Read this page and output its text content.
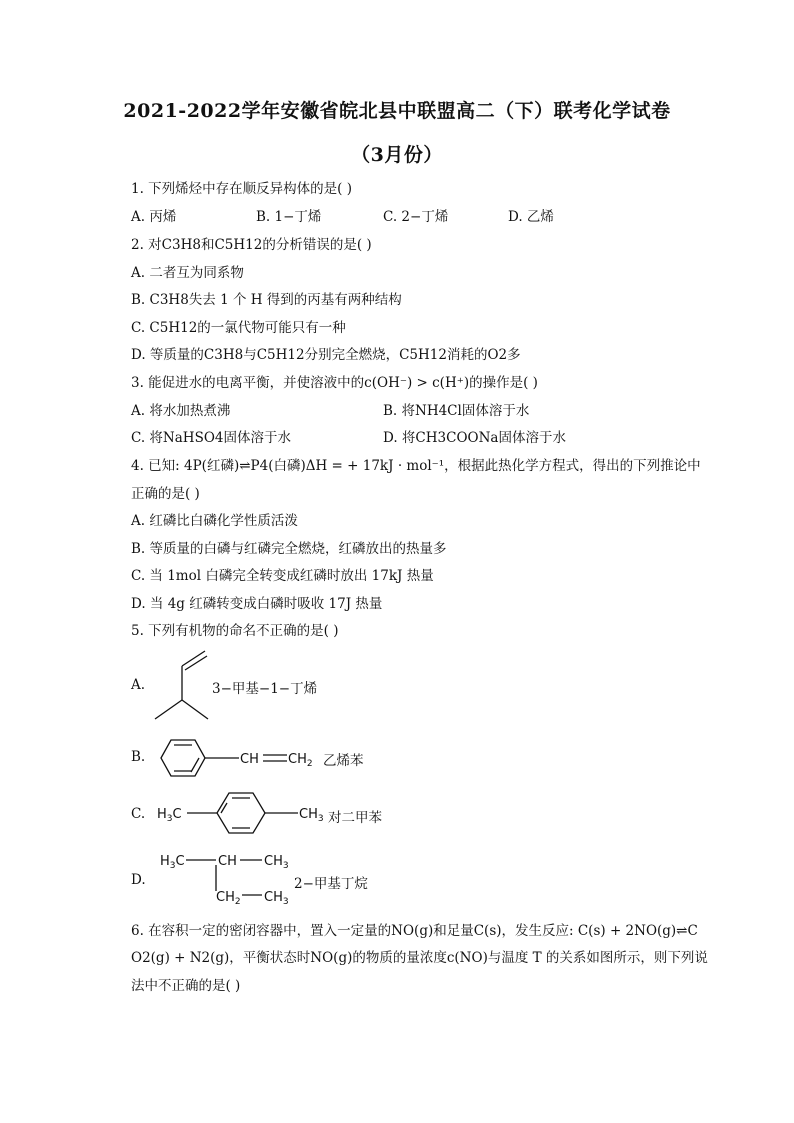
2021-2022学年安徽省皖北县中联盟高二（下）联考化学试卷
（3月份）
1. 下列烯烃中存在顺反异构体的是( )
A. 丙烯	B. 1−丁烯	C. 2−丁烯	D. 乙烯
2. 对C3H8和C5H12的分析错误的是( )
A. 二者互为同系物
B. C3H8失去 1 个 H 得到的丙基有两种结构
C. C5H12的一氯代物可能只有一种
D. 等质量的C3H8与C5H12分别完全燃烧，C5H12消耗的O2多
3. 能促进水的电离平衡，并使溶液中的c(OH⁻) > c(H⁺)的操作是( )
A. 将水加热煮沸	B. 将NH4Cl固体溶于水
C. 将NaHSO4固体溶于水	D. 将CH3COONa固体溶于水
4. 已知: 4P(红磷)⇌P4(白磷)ΔH = + 17kJ · mol⁻¹，根据此热化学方程式，得出的下列推论中
正确的是( )
A. 红磷比白磷化学性质活泼
B. 等质量的白磷与红磷完全燃烧，红磷放出的热量多
C. 当 1mol 白磷完全转变成红磷时放出 17kJ 热量
D. 当 4g 红磷转变成白磷时吸收 17J 热量
5. 下列有机物的命名不正确的是( )
A.	3−甲基−1−丁烯
B.	CH $CH_2$ 乙烯苯
C. $H_3C$	$CH_3$ 对二甲苯
D.
$H_3C$	CH $CH_3$
$CH_2$ $CH_3$
2−甲基丁烷
6. 在容积一定的密闭容器中，置入一定量的NO(g)和足量C(s)，发生反应: C(s) + 2NO(g)⇌C
O2(g) + N2(g)，平衡状态时NO(g)的物质的量浓度c(NO)与温度 T 的关系如图所示，则下列说
法中不正确的是( )
